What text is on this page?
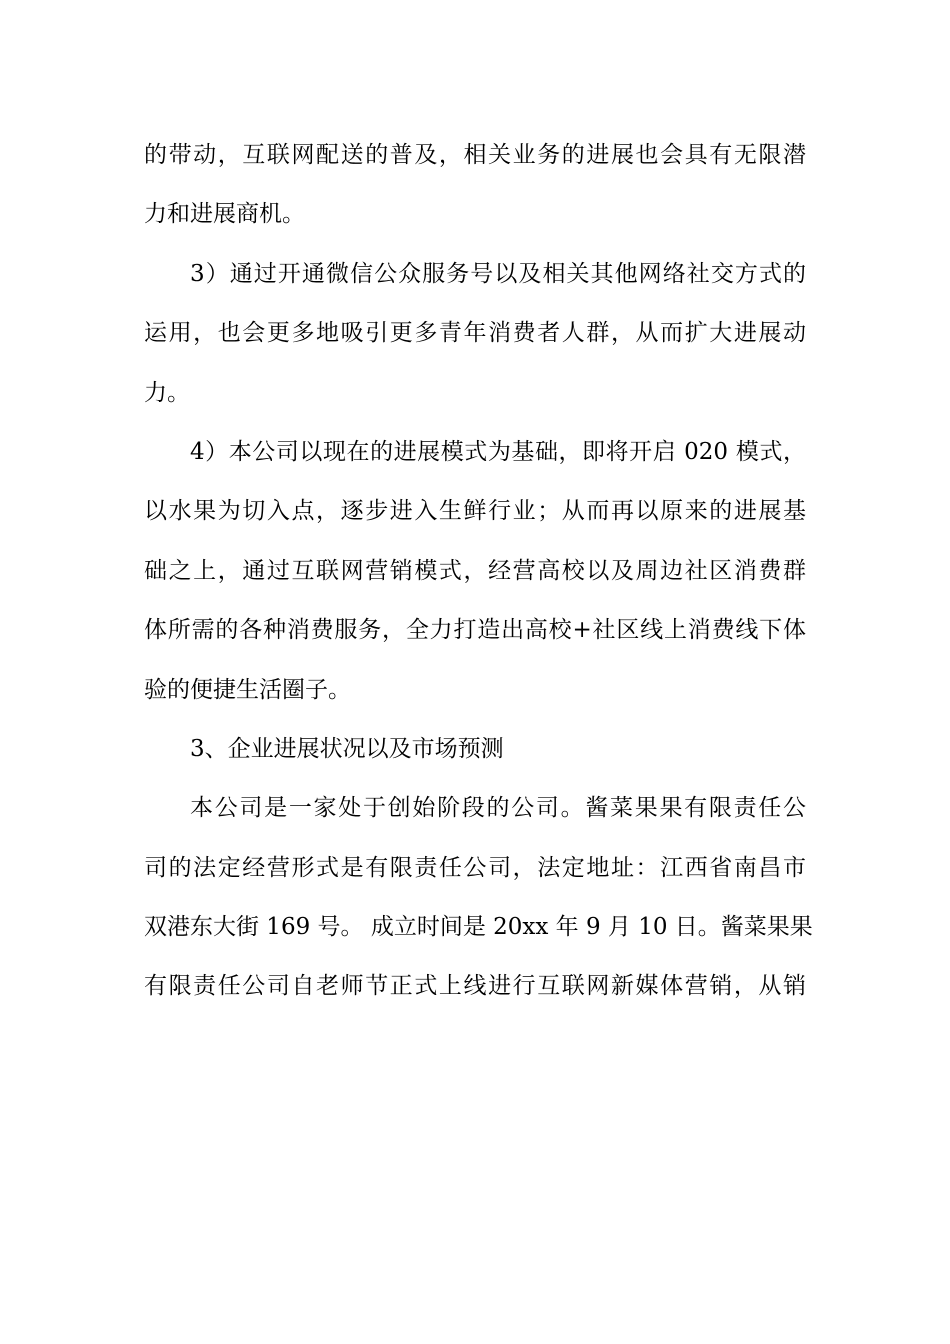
的带动，互联网配送的普及，相关业务的进展也会具有无限潜
力和进展商机。
3）通过开通微信公众服务号以及相关其他网络社交方式的
运用，也会更多地吸引更多青年消费者人群，从而扩大进展动
力。
4）本公司以现在的进展模式为基础，即将开启 020 模式，
以水果为切入点，逐步进入生鲜行业；从而再以原来的进展基
础之上，通过互联网营销模式，经营高校以及周边社区消费群
体所需的各种消费服务，全力打造出高校+社区线上消费线下体
验的便捷生活圈子。
3、企业进展状况以及市场预测
本公司是一家处于创始阶段的公司。酱菜果果有限责任公
司的法定经营形式是有限责任公司，法定地址：江西省南昌市
双港东大街 169 号。 成立时间是 20xx 年 9 月 10 日。酱菜果果
有限责任公司自老师节正式上线进行互联网新媒体营销，从销
